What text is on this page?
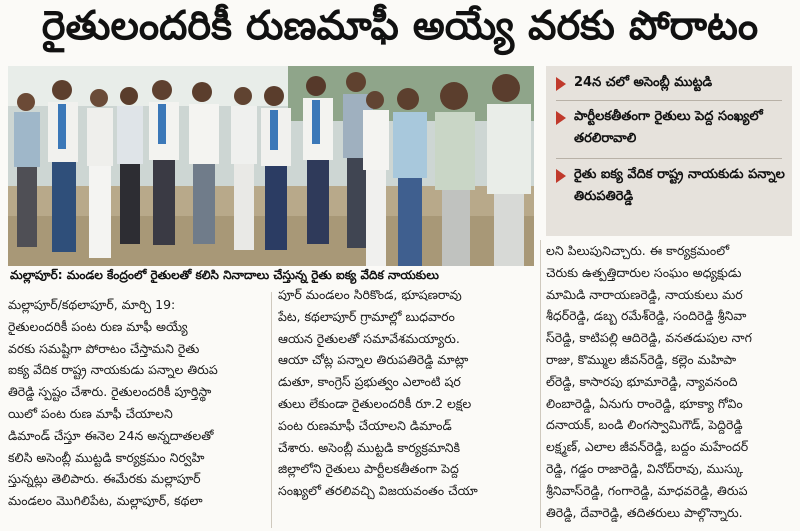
రైతులందరికీ రుణమాఫీ అయ్యే వరకు పోరాటం
మల్లాపూర్: మండల కేంద్రంలో రైతులతో కలిసి నినాదాలు చేస్తున్న రైతు ఐక్య వేదిక నాయకులు
24న చలో అసెంబ్లీ ముట్టడి
పార్టీలకతీతంగా రైతులు పెద్ద సంఖ్యలో తరలిరావాలి
రైతు ఐక్య వేదిక రాష్ట్ర నాయకుడు పన్నాల తిరుపతిరెడ్డి
మల్లాపూర్/కథలాపూర్, మార్చి 19:
రైతులందరికీ పంట రుణ మాఫీ అయ్యే
వరకు సమష్టిగా పోరాటం చేస్తామని రైతు
ఐక్య వేదిక రాష్ట్ర నాయకుడు పన్నాల తిరుప
తిరెడ్డి స్పష్టం చేశారు. రైతులందరికీ పూర్తిస్థా
యిలో పంట రుణ మాఫీ చేయాలని
డిమాండ్ చేస్తూ ఈనెల 24న అన్నదాతలతో
కలిసి అసెంబ్లీ ముట్టడి కార్యక్రమం నిర్వహి
స్తున్నట్లు తెలిపారు. ఈమేరకు మల్లాపూర్
మండలం మొగిలిపేట, మల్లాపూర్, కథలా
పూర్ మండలం సిరికొండ, భూషణరావు
పేట, కథలాపూర్ గ్రామాల్లో బుధవారం
ఆయన రైతులతో సమావేశమయ్యారు.
ఆయా చోట్ల పన్నాల తిరుపతిరెడ్డి మాట్లా
డుతూ, కాంగ్రెస్ ప్రభుత్వం ఎలాంటి షర
తులు లేకుండా రైతులందరికీ రూ.2 లక్షల
పంట రుణమాఫీ చేయాలని డిమాండ్
చేశారు. అసెంబ్లీ ముట్టడి కార్యక్రమానికి
జిల్లాలోని రైతులు పార్టీలకతీతంగా పెద్ద
సంఖ్యలో తరలివచ్చి విజయవంతం చేయా
లని పిలుపునిచ్చారు. ఈ కార్యక్రమంలో
చెరుకు ఉత్పత్తిదారుల సంఘం అధ్యక్షుడు
మామిడి నారాయణరెడ్డి, నాయకులు మర
శీధర్‌రెడ్డి, డబ్బ రమేశ్‌రెడ్డి, సందిరెడ్డి శ్రీనివా
స్‌రెడ్డి, కాటిపల్లి ఆదిరెడ్డి, వనతడుపుల నాగ
రాజు, కొమ్ముల జీవన్‌రెడ్డి, కల్లెం మహిపా
ల్‌రెడ్డి, కాసారపు భూమారెడ్డి, న్యావనంది
లింబారెడ్డి, ఏనుగు రాంరెడ్డి, భూక్యా గోవిం
దనాయక్, బండి లింగస్వామిగౌడ్, పెద్దిరెడ్డి
లక్ష్మణ్, ఎలాల జీవన్‌రెడ్డి, బద్దం మహేందర్
రెడ్డి, గడ్డం రాజారెడ్డి, వినోద్‌రావు, ముస్కు
శ్రీనివాస్‌రెడ్డి, గంగారెడ్డి, మాధవరెడ్డి, తిరుప
తిరెడ్డి, దేవారెడ్డి, తదితరులు పాల్గొన్నారు.
